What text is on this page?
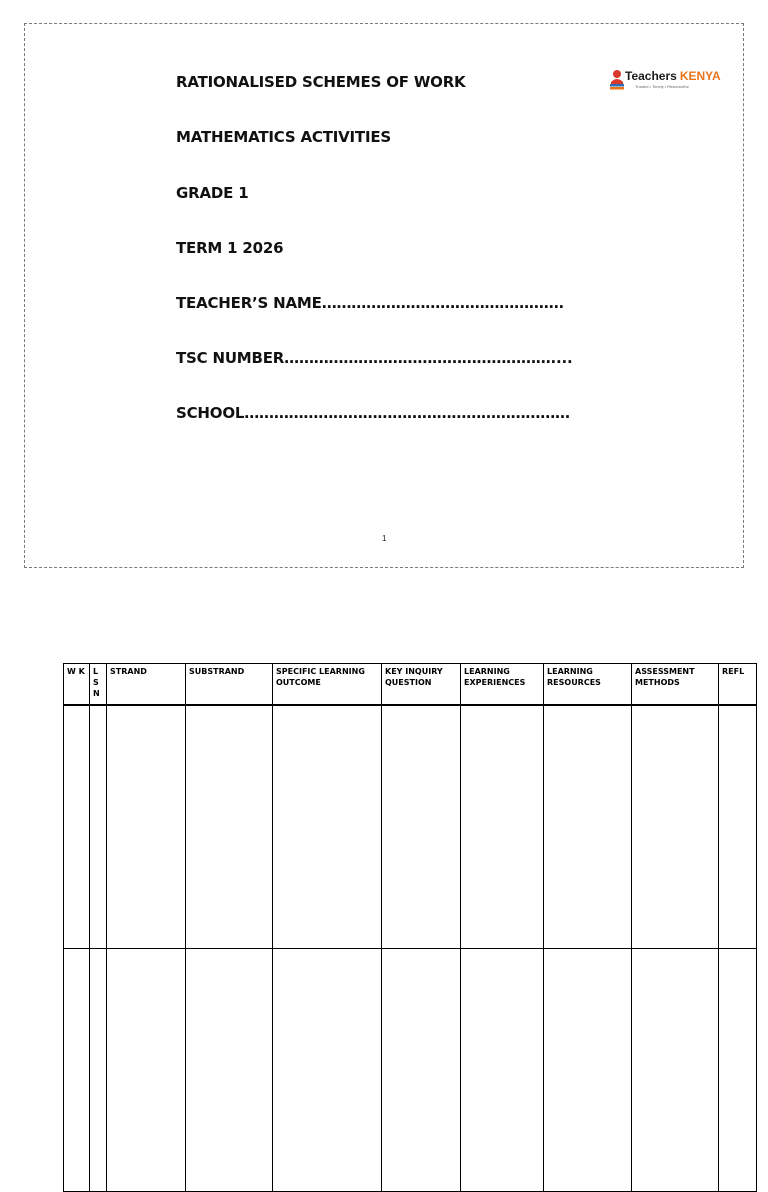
RATIONALISED SCHEMES OF WORK
MATHEMATICS ACTIVITIES
GRADE 1
TERM 1 2026
TEACHER’S NAME………………………………………….
TSC NUMBER………………………………………………....
SCHOOL…………………………………………………………
Teachers KENYA
Trusted • Timely • Resourceful
1
W K	L S N	STRAND	SUBSTRAND	SPECIFIC LEARNING OUTCOME	KEY INQUIRY QUESTION	LEARNING EXPERIENCES	LEARNING RESOURCES	ASSESSMENT METHODS	REFL
